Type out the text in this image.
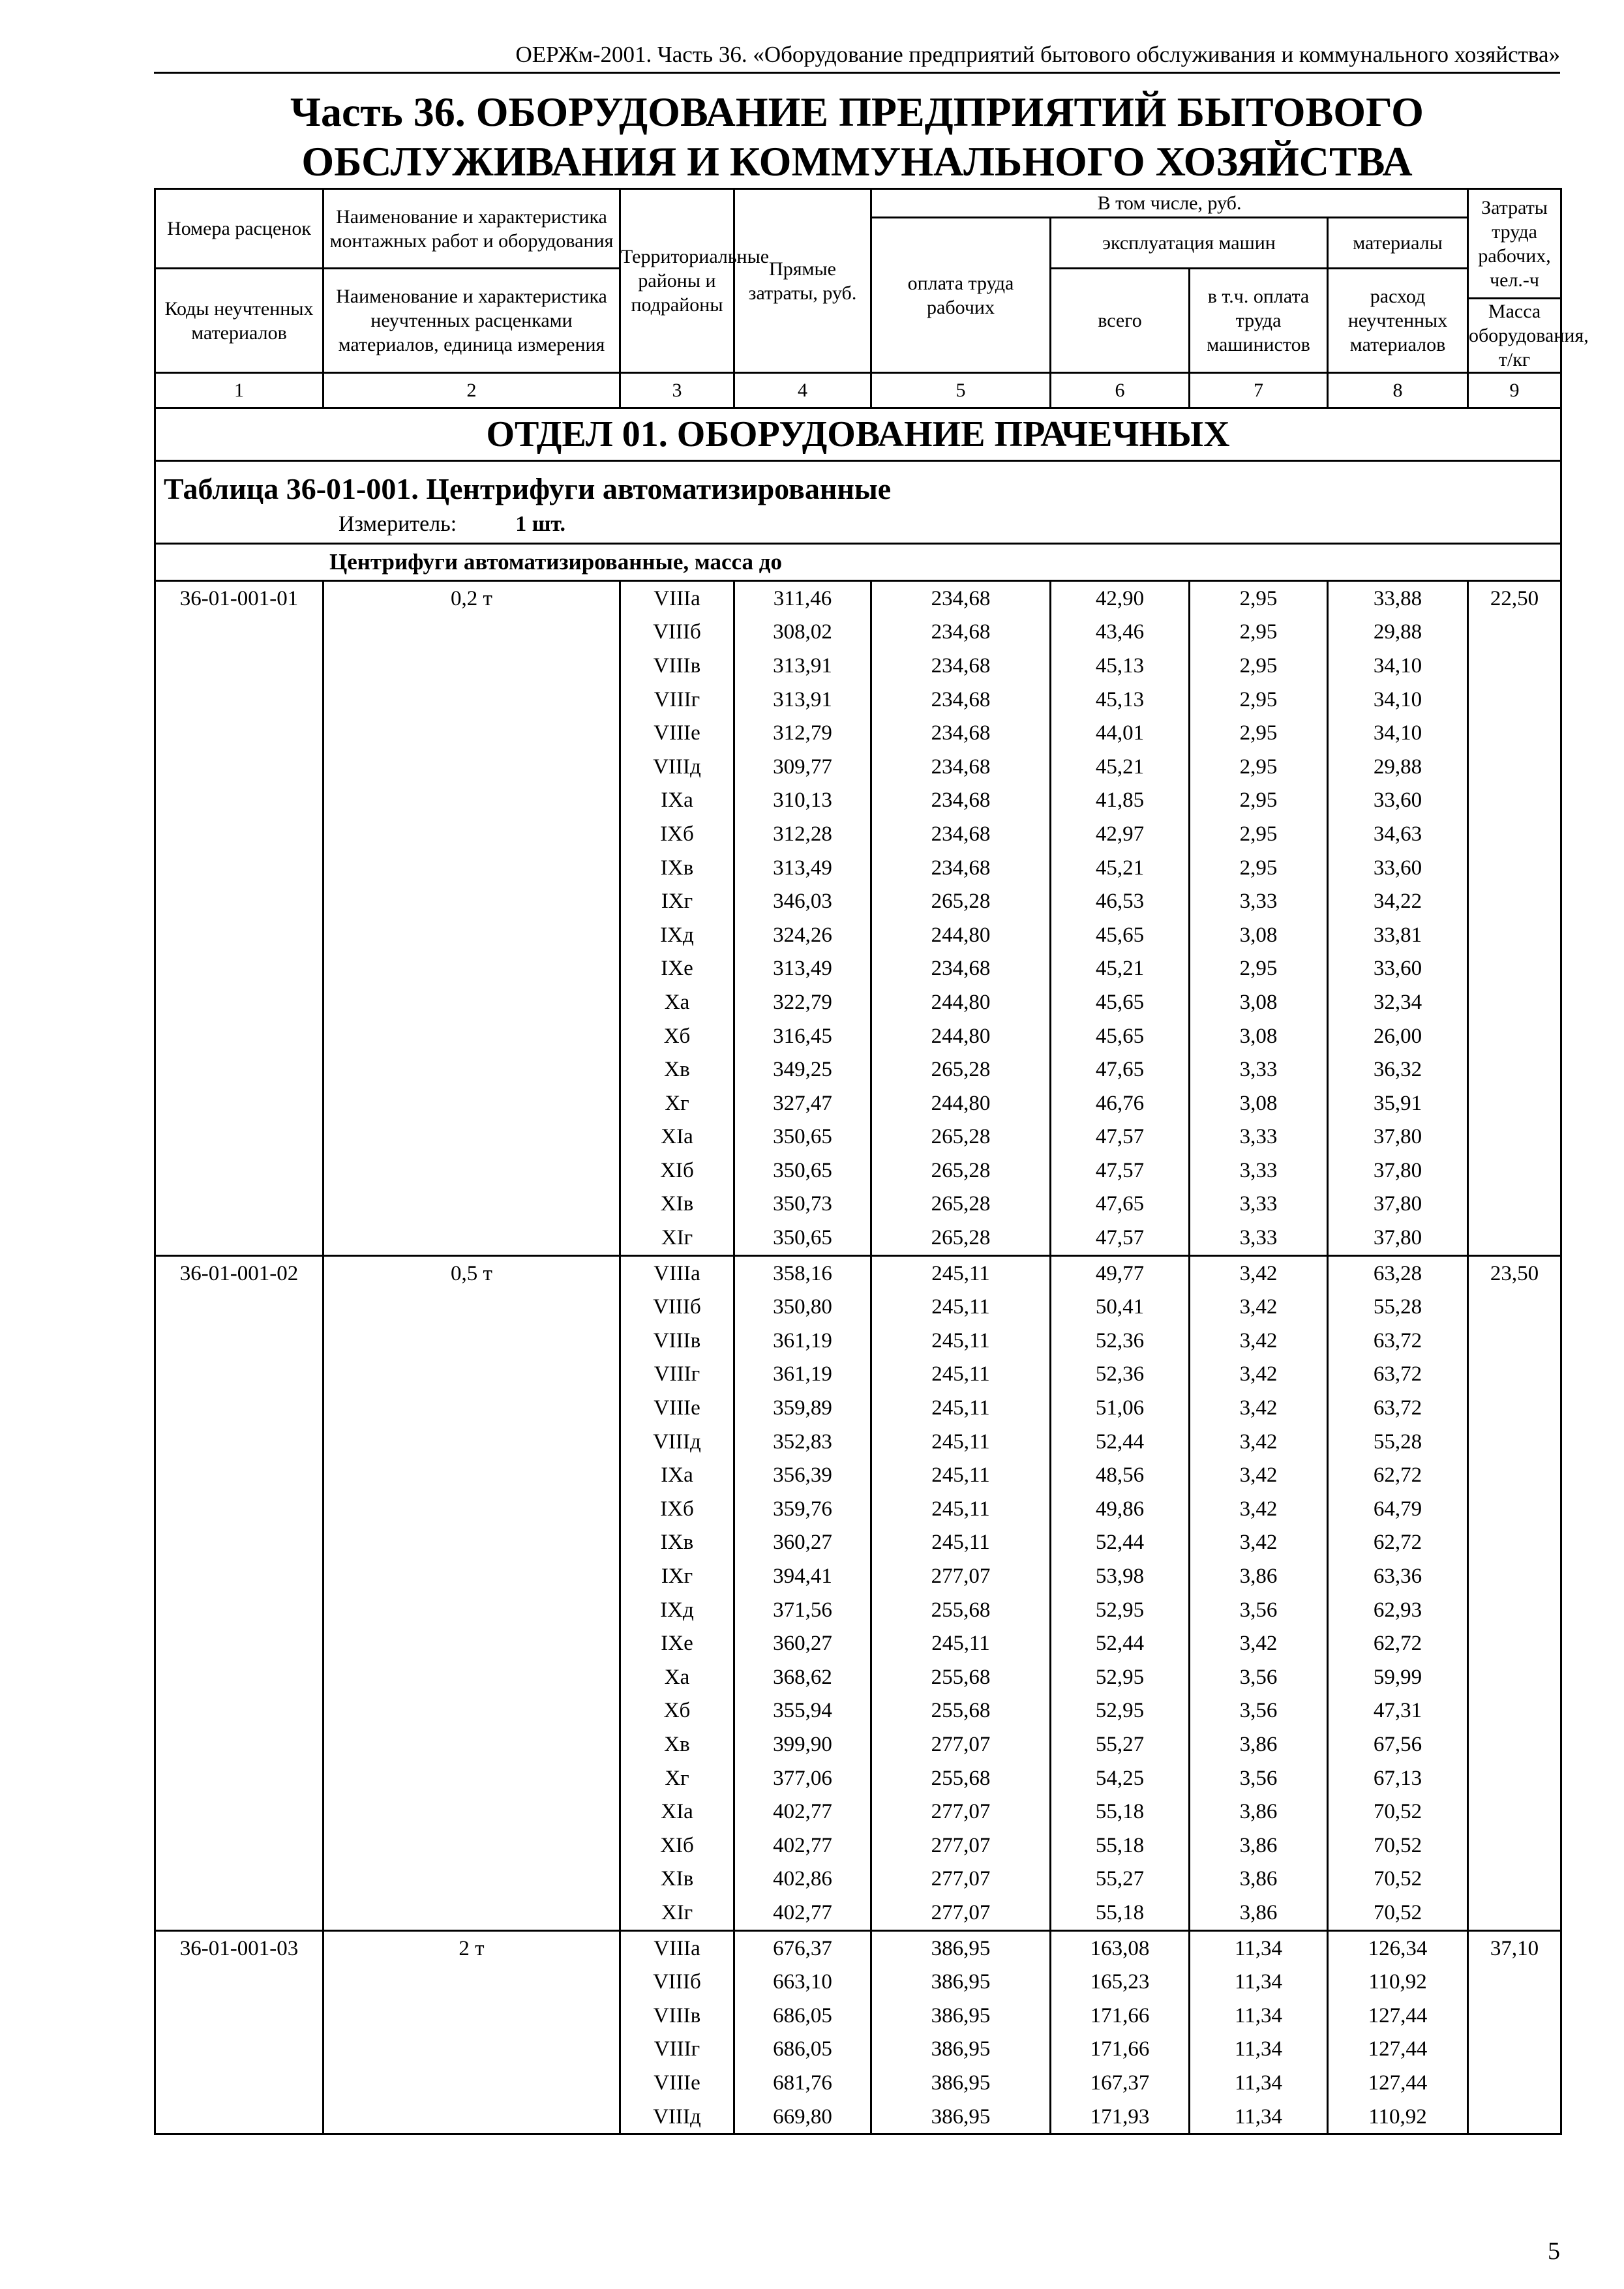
ОЕРЖм-2001. Часть 36. «Оборудование предприятий бытового обслуживания и коммунального хозяйства»
Часть 36. ОБОРУДОВАНИЕ ПРЕДПРИЯТИЙ БЫТОВОГО
ОБСЛУЖИВАНИЯ И КОММУНАЛЬНОГО ХОЗЯЙСТВА
Номера расценок	Наименование и характеристика монтажных работ и оборудования	Территориальные районы и подрайоны	Прямые затраты, руб.	В том числе, руб.				Затраты труда рабочих, чел.-ч
				оплата труда рабочих	эксплуатация машин		материалы	
Коды неучтенных материалов	Наименование и характеристика неучтенных расценками материалов, единица измерения				всего	в т.ч. оплата труда машинистов	расход неучтенных материалов	
								Масса оборудования, т/кг
1	2	3	4	5	6	7	8	9
ОТДЕЛ 01. ОБОРУДОВАНИЕ ПРАЧЕЧНЫХ								

Таблица 36-01-001. Центрифуги автоматизированные
Измеритель: 1 шт.								

Центрифуги автоматизированные, масса до								
36-01-001-01	0,2 т	VIIIа	311,46	234,68	42,90	2,95	33,88	22,50
		VIIIб	308,02	234,68	43,46	2,95	29,88	
		VIIIв	313,91	234,68	45,13	2,95	34,10	
		VIIIг	313,91	234,68	45,13	2,95	34,10	
		VIIIе	312,79	234,68	44,01	2,95	34,10	
		VIIIд	309,77	234,68	45,21	2,95	29,88	
		IXа	310,13	234,68	41,85	2,95	33,60	
		IXб	312,28	234,68	42,97	2,95	34,63	
		IXв	313,49	234,68	45,21	2,95	33,60	
		IXг	346,03	265,28	46,53	3,33	34,22	
		IXд	324,26	244,80	45,65	3,08	33,81	
		IXе	313,49	234,68	45,21	2,95	33,60	
		Xа	322,79	244,80	45,65	3,08	32,34	
		Xб	316,45	244,80	45,65	3,08	26,00	
		Xв	349,25	265,28	47,65	3,33	36,32	
		Xг	327,47	244,80	46,76	3,08	35,91	
		XIа	350,65	265,28	47,57	3,33	37,80	
		XIб	350,65	265,28	47,57	3,33	37,80	
		XIв	350,73	265,28	47,65	3,33	37,80	
		XIг	350,65	265,28	47,57	3,33	37,80	
36-01-001-02	0,5 т	VIIIа	358,16	245,11	49,77	3,42	63,28	23,50
		VIIIб	350,80	245,11	50,41	3,42	55,28	
		VIIIв	361,19	245,11	52,36	3,42	63,72	
		VIIIг	361,19	245,11	52,36	3,42	63,72	
		VIIIе	359,89	245,11	51,06	3,42	63,72	
		VIIIд	352,83	245,11	52,44	3,42	55,28	
		IXа	356,39	245,11	48,56	3,42	62,72	
		IXб	359,76	245,11	49,86	3,42	64,79	
		IXв	360,27	245,11	52,44	3,42	62,72	
		IXг	394,41	277,07	53,98	3,86	63,36	
		IXд	371,56	255,68	52,95	3,56	62,93	
		IXе	360,27	245,11	52,44	3,42	62,72	
		Xа	368,62	255,68	52,95	3,56	59,99	
		Xб	355,94	255,68	52,95	3,56	47,31	
		Xв	399,90	277,07	55,27	3,86	67,56	
		Xг	377,06	255,68	54,25	3,56	67,13	
		XIа	402,77	277,07	55,18	3,86	70,52	
		XIб	402,77	277,07	55,18	3,86	70,52	
		XIв	402,86	277,07	55,27	3,86	70,52	
		XIг	402,77	277,07	55,18	3,86	70,52	
36-01-001-03	2 т	VIIIа	676,37	386,95	163,08	11,34	126,34	37,10
		VIIIб	663,10	386,95	165,23	11,34	110,92	
		VIIIв	686,05	386,95	171,66	11,34	127,44	
		VIIIг	686,05	386,95	171,66	11,34	127,44	
		VIIIе	681,76	386,95	167,37	11,34	127,44	
		VIIIд	669,80	386,95	171,93	11,34	110,92	
5
